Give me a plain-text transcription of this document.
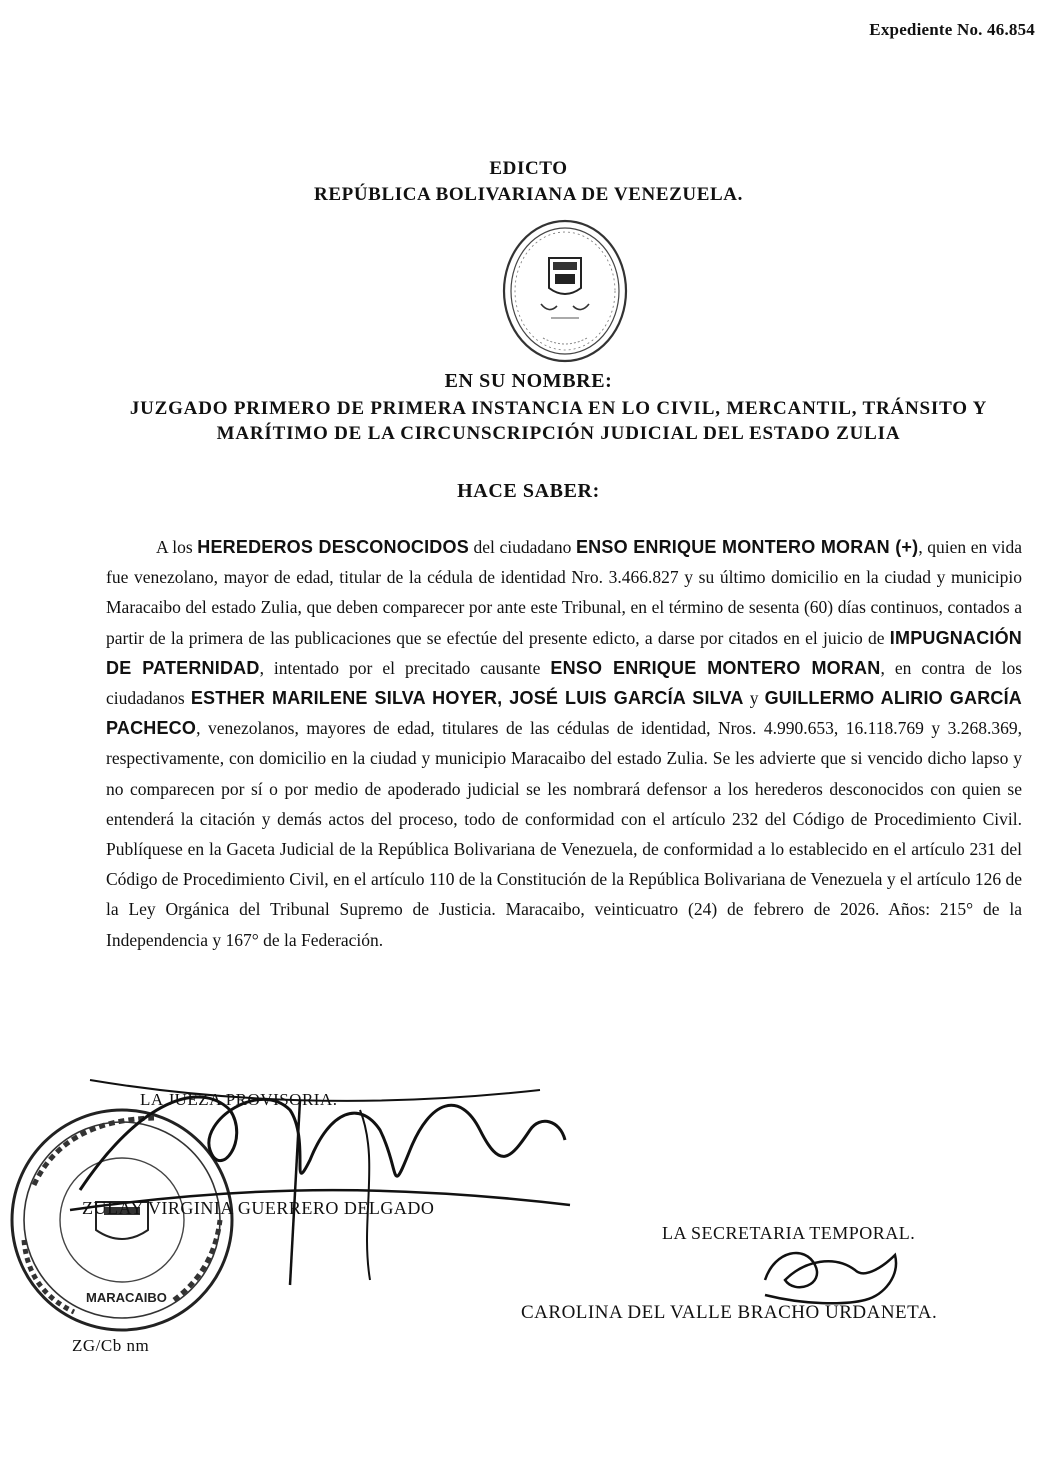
Expediente No. 46.854
EDICTO
REPÚBLICA BOLIVARIANA DE VENEZUELA.
EN SU NOMBRE:
JUZGADO PRIMERO DE PRIMERA INSTANCIA EN LO CIVIL, MERCANTIL, TRÁNSITO Y MARÍTIMO DE LA CIRCUNSCRIPCIÓN JUDICIAL DEL ESTADO ZULIA
HACE SABER:
A los HEREDEROS DESCONOCIDOS del ciudadano ENSO ENRIQUE MONTERO MORAN (+), quien en vida fue venezolano, mayor de edad, titular de la cédula de identidad Nro. 3.466.827 y su último domicilio en la ciudad y municipio Maracaibo del estado Zulia, que deben comparecer por ante este Tribunal, en el término de sesenta (60) días continuos, contados a partir de la primera de las publicaciones que se efectúe del presente edicto, a darse por citados en el juicio de IMPUGNACIÓN DE PATERNIDAD, intentado por el precitado causante ENSO ENRIQUE MONTERO MORAN, en contra de los ciudadanos ESTHER MARILENE SILVA HOYER, JOSÉ LUIS GARCÍA SILVA y GUILLERMO ALIRIO GARCÍA PACHECO, venezolanos, mayores de edad, titulares de las cédulas de identidad, Nros. 4.990.653, 16.118.769 y 3.268.369, respectivamente, con domicilio en la ciudad y municipio Maracaibo del estado Zulia. Se les advierte que si vencido dicho lapso y no comparecen por sí o por medio de apoderado judicial se les nombrará defensor a los herederos desconocidos con quien se entenderá la citación y demás actos del proceso, todo de conformidad con el artículo 232 del Código de Procedimiento Civil. Publíquese en la Gaceta Judicial de la República Bolivariana de Venezuela, de conformidad a lo establecido en el artículo 231 del Código de Procedimiento Civil, en el artículo 110 de la Constitución de la República Bolivariana de Venezuela y el artículo 126 de la Ley Orgánica del Tribunal Supremo de Justicia. Maracaibo, veinticuatro (24) de febrero de 2026. Años: 215° de la Independencia y 167° de la Federación.
MARACAIBO
LA JUEZA PROVISORIA.
ZULAY VIRGINIA GUERRERO DELGADO
LA SECRETARIA TEMPORAL.
CAROLINA DEL VALLE BRACHO URDANETA.
ZG/Cb nm
